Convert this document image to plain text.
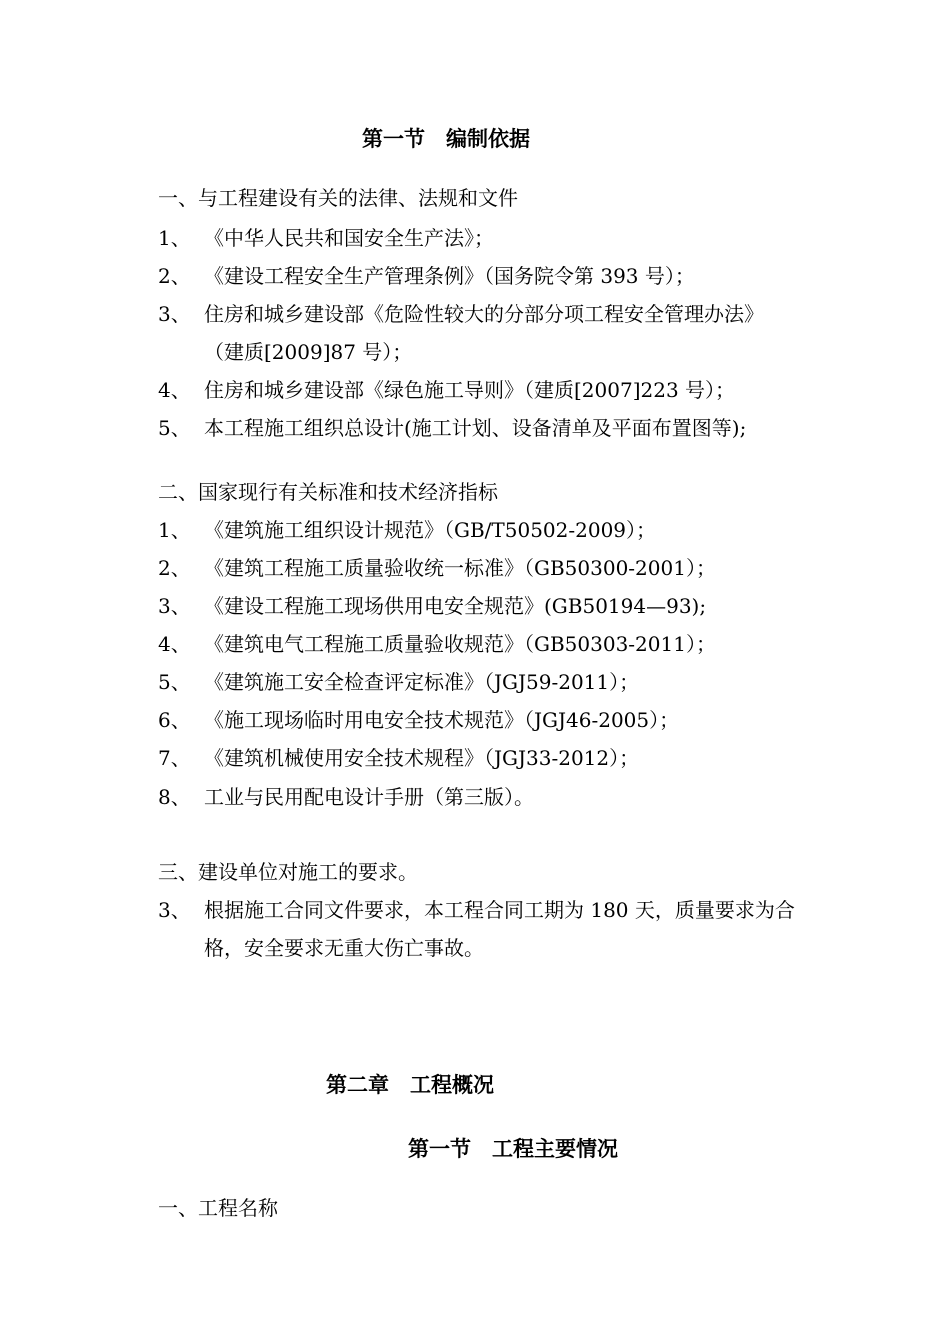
第一节　编制依据
一、与工程建设有关的法律、法规和文件
1、 《中华人民共和国安全生产法》；
2、 《建设工程安全生产管理条例》（国务院令第 393 号）；
3、 住房和城乡建设部《危险性较大的分部分项工程安全管理办法》
（建质[2009]87 号）；
4、 住房和城乡建设部《绿色施工导则》（建质[2007]223 号）；
5、 本工程施工组织总设计(施工计划、设备清单及平面布置图等);
二、国家现行有关标准和技术经济指标
1、 《建筑施工组织设计规范》（GB/T50502-2009）；
2、 《建筑工程施工质量验收统一标准》（GB50300-2001）；
3、 《建设工程施工现场供用电安全规范》(GB50194—93);
4、 《建筑电气工程施工质量验收规范》（GB50303-2011）；
5、 《建筑施工安全检查评定标准》（JGJ59-2011）；
6、 《施工现场临时用电安全技术规范》（JGJ46-2005）；
7、 《建筑机械使用安全技术规程》（JGJ33-2012）；
8、 工业与民用配电设计手册（第三版）。
三、建设单位对施工的要求。
3、 根据施工合同文件要求，本工程合同工期为 180 天，质量要求为合
格，安全要求无重大伤亡事故。
第二章　工程概况
第一节　工程主要情况
一、工程名称
